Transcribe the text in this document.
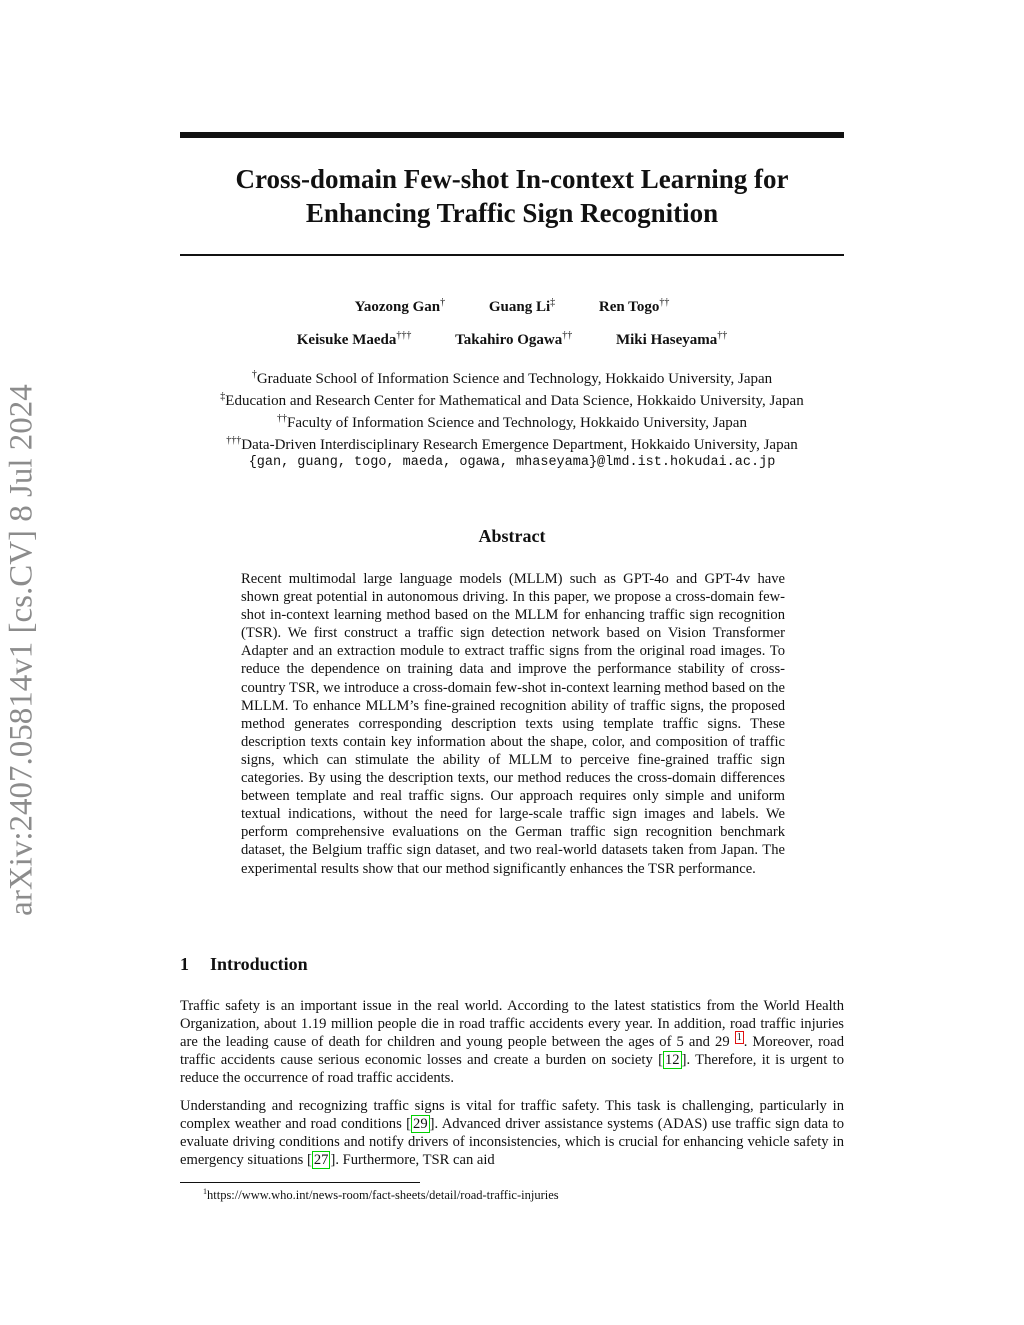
arXiv:2407.05814v1 [cs.CV] 8 Jul 2024
Cross-domain Few-shot In-context Learning for
Enhancing Traffic Sign Recognition
Yaozong Gan†	Guang Li‡	Ren Togo††
Keisuke Maeda†††	Takahiro Ogawa††	Miki Haseyama††
†Graduate School of Information Science and Technology, Hokkaido University, Japan
‡Education and Research Center for Mathematical and Data Science, Hokkaido University, Japan
††Faculty of Information Science and Technology, Hokkaido University, Japan
†††Data-Driven Interdisciplinary Research Emergence Department, Hokkaido University, Japan
{gan, guang, togo, maeda, ogawa, mhaseyama}@lmd.ist.hokudai.ac.jp
Abstract
Recent multimodal large language models (MLLM) such as GPT-4o and GPT-4v have shown great potential in autonomous driving. In this paper, we propose a cross-domain few-shot in-context learning method based on the MLLM for enhancing traffic sign recognition (TSR). We first construct a traffic sign detection network based on Vision Transformer Adapter and an extraction module to extract traffic signs from the original road images. To reduce the dependence on training data and improve the performance stability of cross-country TSR, we introduce a cross-domain few-shot in-context learning method based on the MLLM. To enhance MLLM’s fine-grained recognition ability of traffic signs, the proposed method generates corresponding description texts using template traffic signs. These description texts contain key information about the shape, color, and composition of traffic signs, which can stimulate the ability of MLLM to perceive fine-grained traffic sign categories. By using the description texts, our method reduces the cross-domain differences between template and real traffic signs. Our approach requires only simple and uniform textual indications, without the need for large-scale traffic sign images and labels. We perform comprehensive evaluations on the German traffic sign recognition benchmark dataset, the Belgium traffic sign dataset, and two real-world datasets taken from Japan. The experimental results show that our method significantly enhances the TSR performance.
1 Introduction
Traffic safety is an important issue in the real world. According to the latest statistics from the World Health Organization, about 1.19 million people die in road traffic accidents every year. In addition, road traffic injuries are the leading cause of death for children and young people between the ages of 5 and 29 $^1$ . Moreover, road traffic accidents cause serious economic losses and create a burden on society [ 12 ]. Therefore, it is urgent to reduce the occurrence of road traffic accidents.
Understanding and recognizing traffic signs is vital for traffic safety. This task is challenging, particularly in complex weather and road conditions [ 29 ]. Advanced driver assistance systems (ADAS) use traffic sign data to evaluate driving conditions and notify drivers of inconsistencies, which is crucial for enhancing vehicle safety in emergency situations [ 27 ]. Furthermore, TSR can aid
$^1$https://www.who.int/news-room/fact-sheets/detail/road-traffic-injuries
